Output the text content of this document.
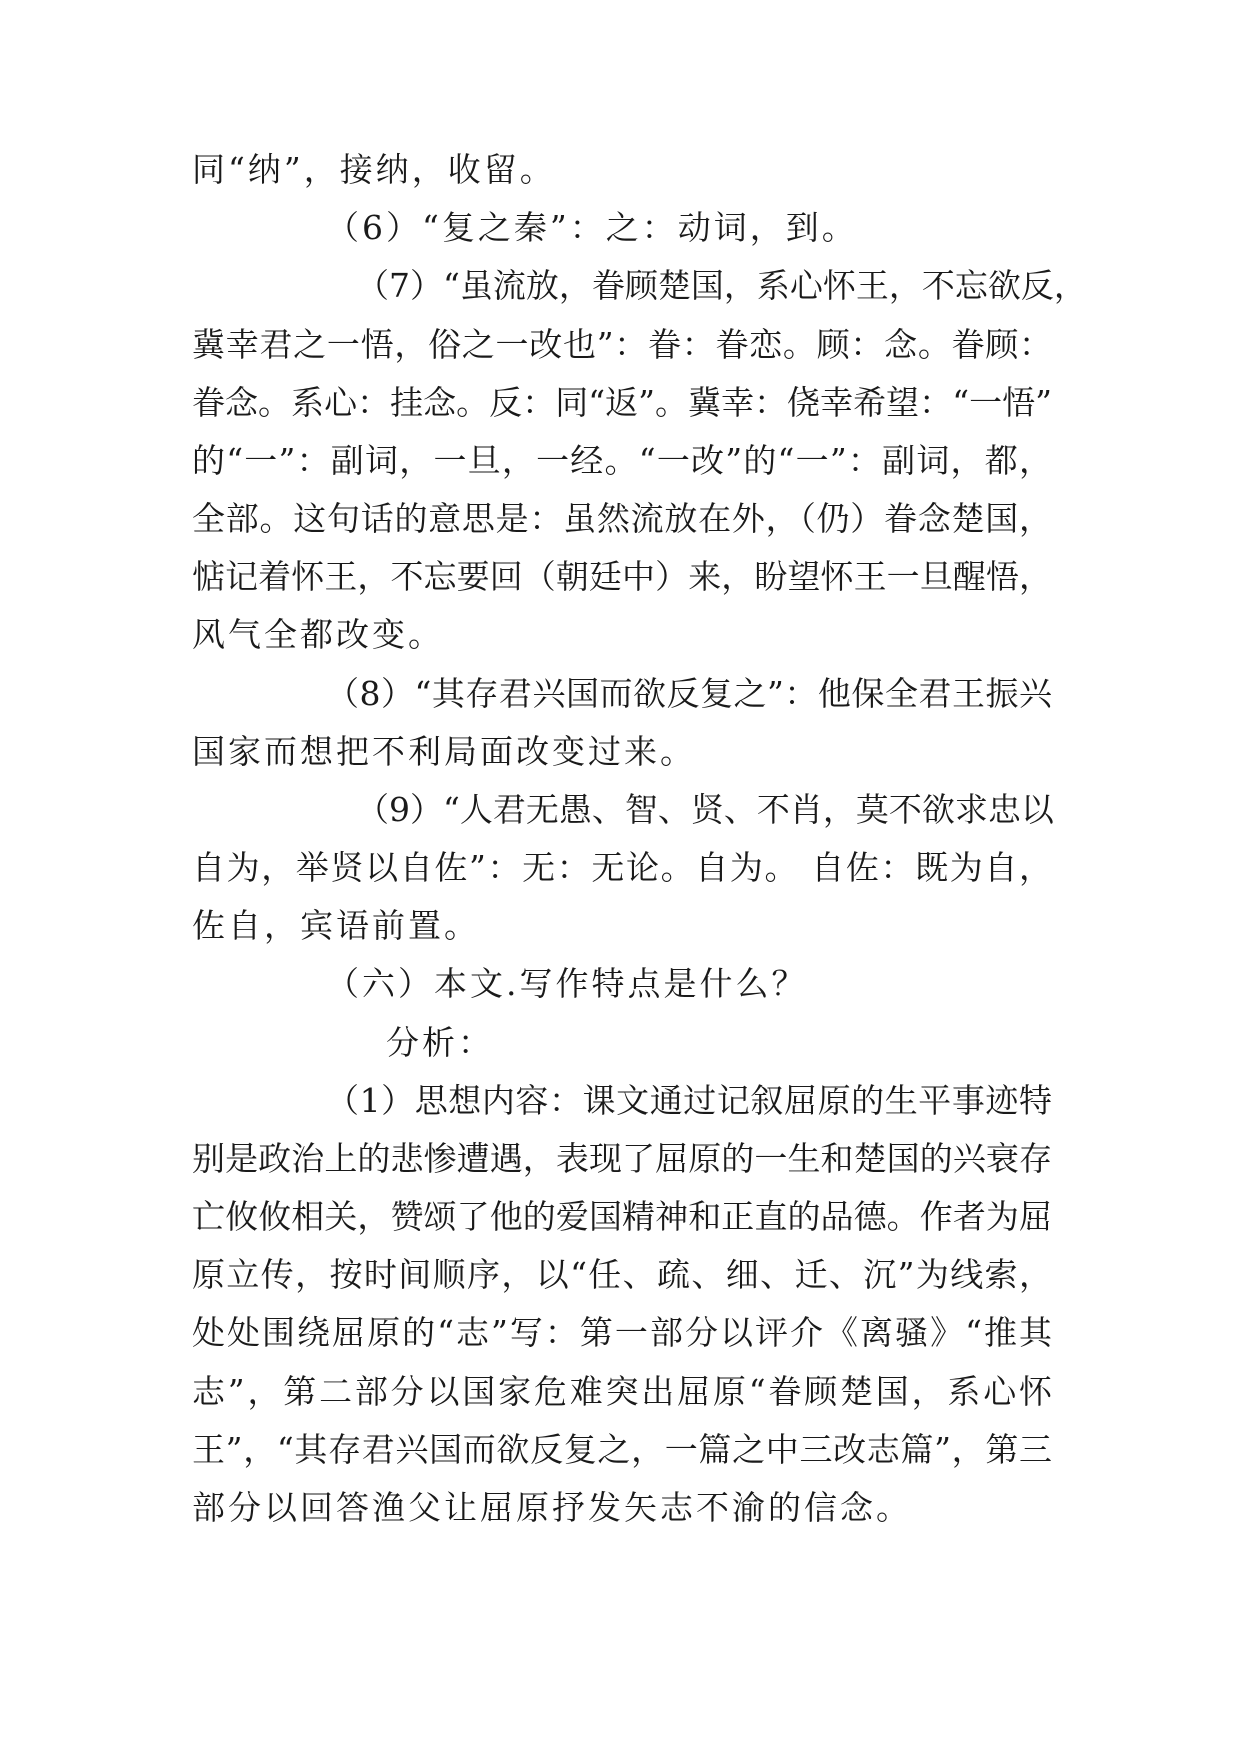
同“纳”，接纳，收留。
（6）“复之秦”：之：动词，到。
（7）“虽流放，眷顾楚国，系心怀王，不忘欲反，
冀幸君之一悟，俗之一改也”：眷：眷恋。顾：念。眷顾：
眷念。系心：挂念。反：同“返”。冀幸：侥幸希望：“一悟”
的“一”：副词，一旦，一经。“一改”的“一”：副词，都，
全部。这句话的意思是：虽然流放在外，（仍）眷念楚国，
惦记着怀王，不忘要回（朝廷中）来，盼望怀王一旦醒悟，
风气全都改变。
（8）“其存君兴国而欲反复之”：他保全君王振兴
国家而想把不利局面改变过来。
（9）“人君无愚、智、贤、不肖，莫不欲求忠以
自为，举贤以自佐”：无：无论。自为。 自佐：既为自，
佐自，宾语前置。
（六）本文.写作特点是什么？
分析：
（1）思想内容：课文通过记叙屈原的生平事迹特
别是政治上的悲惨遭遇，表现了屈原的一生和楚国的兴衰存
亡攸攸相关，赞颂了他的爱国精神和正直的品德。作者为屈
原立传，按时间顺序，以“任、疏、细、迁、沉”为线索，
处处围绕屈原的“志”写：第一部分以评介《离骚》“推其
志”，第二部分以国家危难突出屈原“眷顾楚国，系心怀
王”，“其存君兴国而欲反复之，一篇之中三改志篇”，第三
部分以回答渔父让屈原抒发矢志不渝的信念。
